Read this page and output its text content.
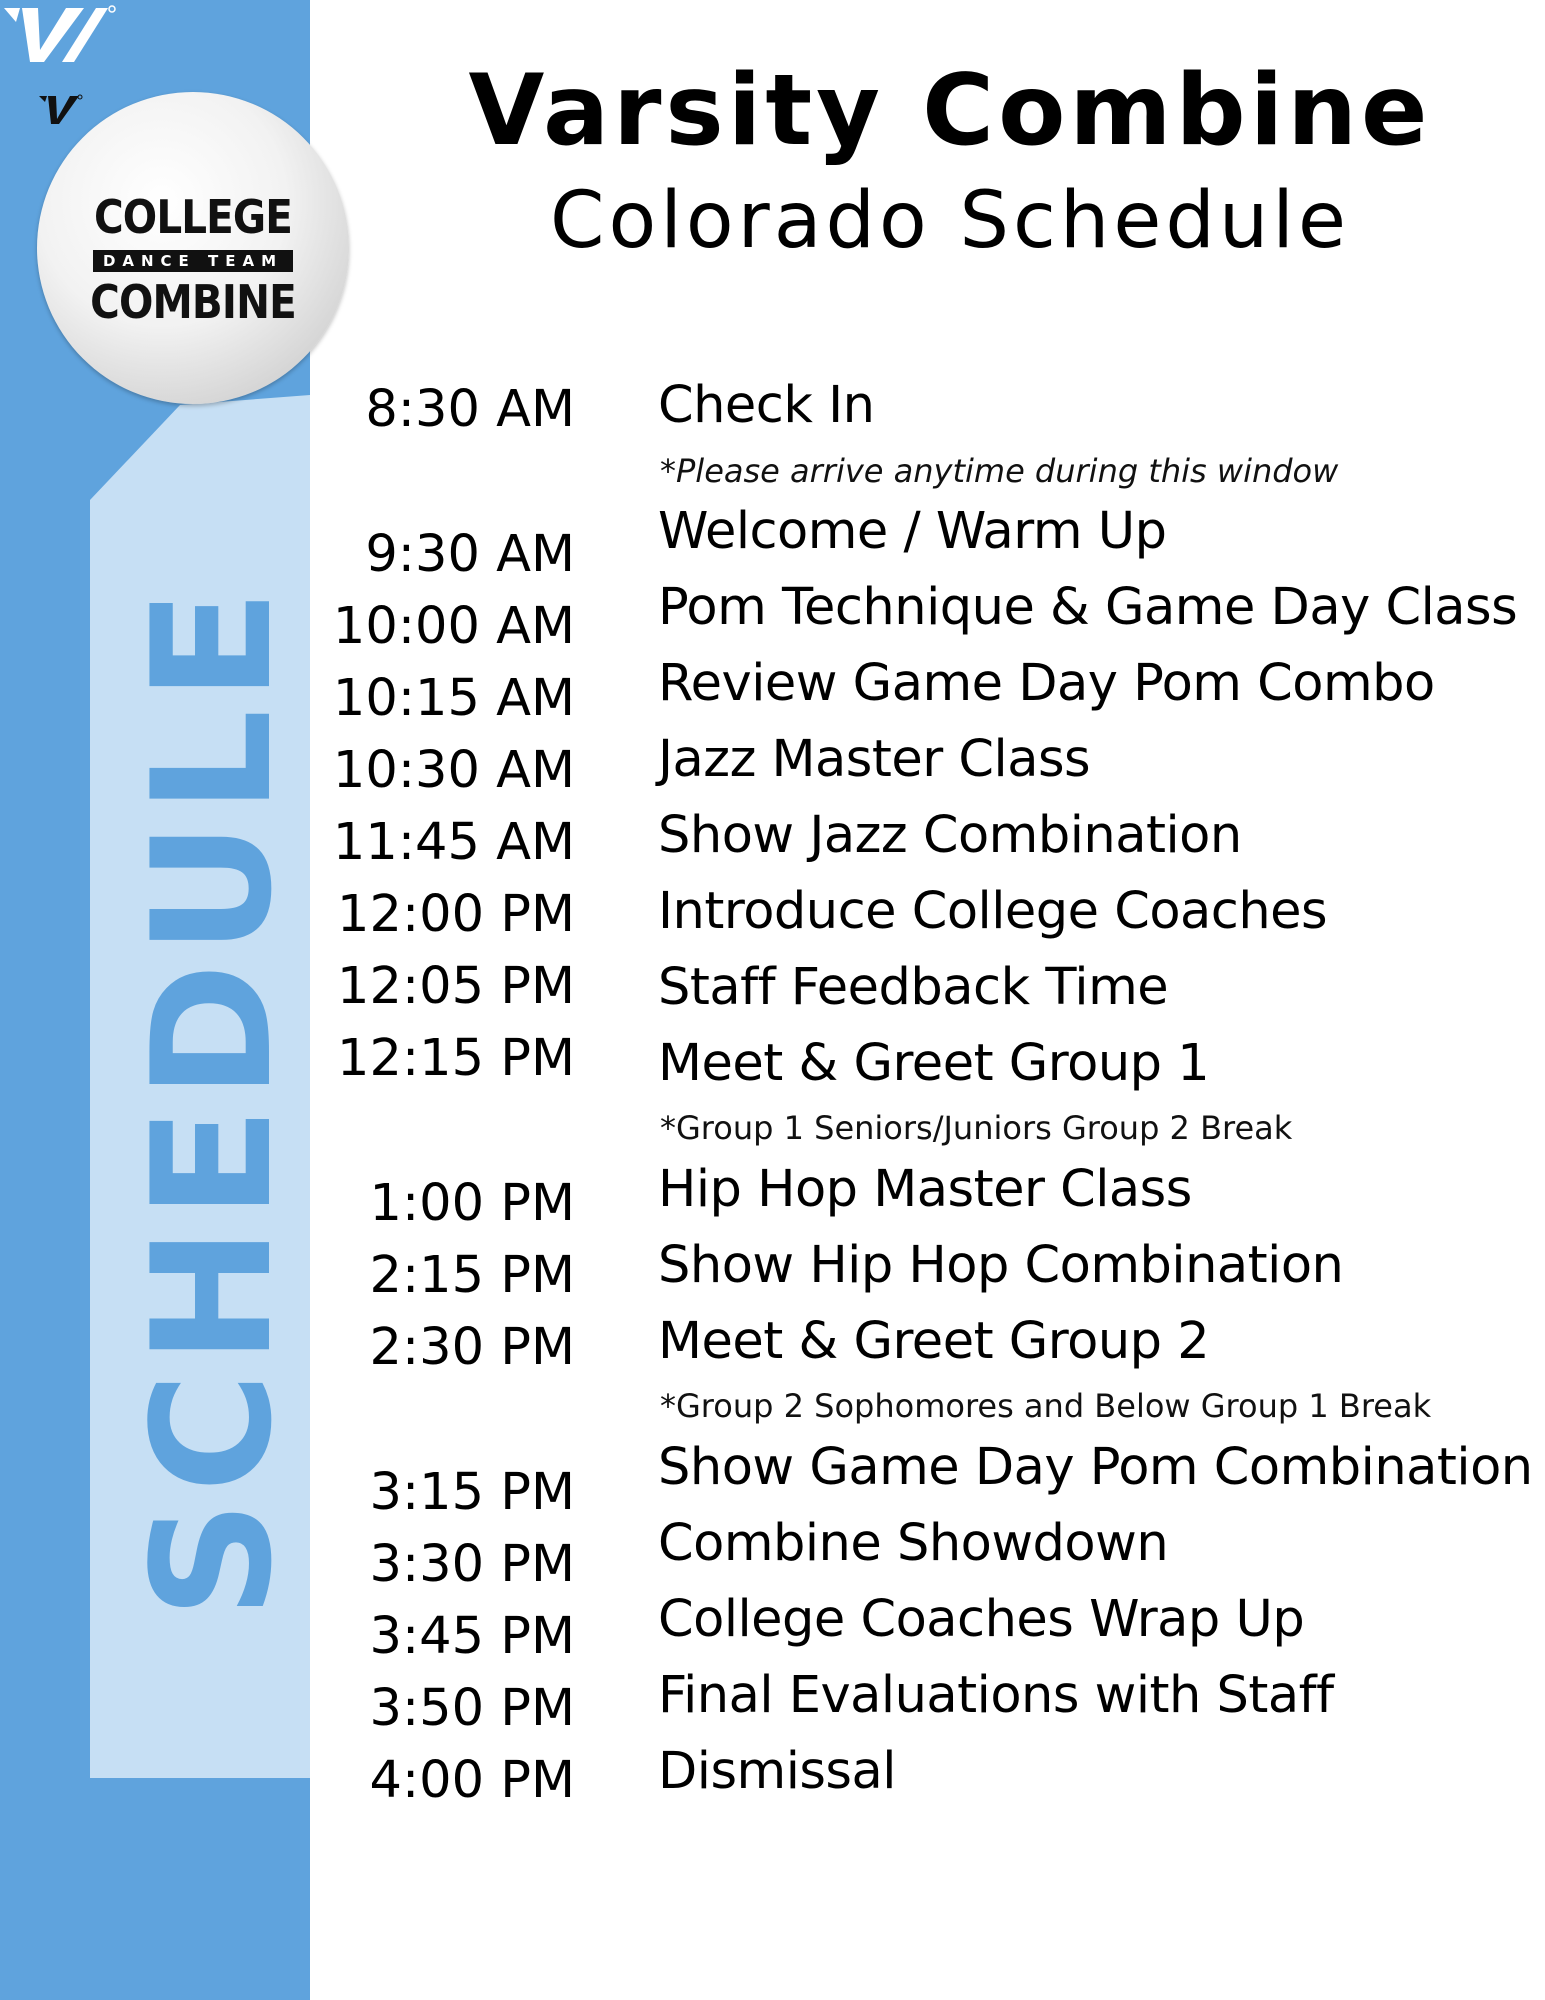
COLLEGE
DANCE TEAM
COMBINE
SCHEDULE
Varsity Combine
Colorado Schedule
8:30 AM Check In
*Please arrive anytime during this window
9:30 AM Welcome / Warm Up
10:00 AM Pom Technique & Game Day Class
10:15 AM Review Game Day Pom Combo
10:30 AM Jazz Master Class
11:45 AM Show Jazz Combination
12:00 PM Introduce College Coaches
12:05 PM Staff Feedback Time
12:15 PM Meet & Greet Group 1
*Group 1 Seniors/Juniors Group 2 Break
1:00 PM Hip Hop Master Class
2:15 PM Show Hip Hop Combination
2:30 PM Meet & Greet Group 2
*Group 2 Sophomores and Below Group 1 Break
3:15 PM Show Game Day Pom Combination
3:30 PM Combine Showdown
3:45 PM College Coaches Wrap Up
3:50 PM Final Evaluations with Staff
4:00 PM Dismissal
